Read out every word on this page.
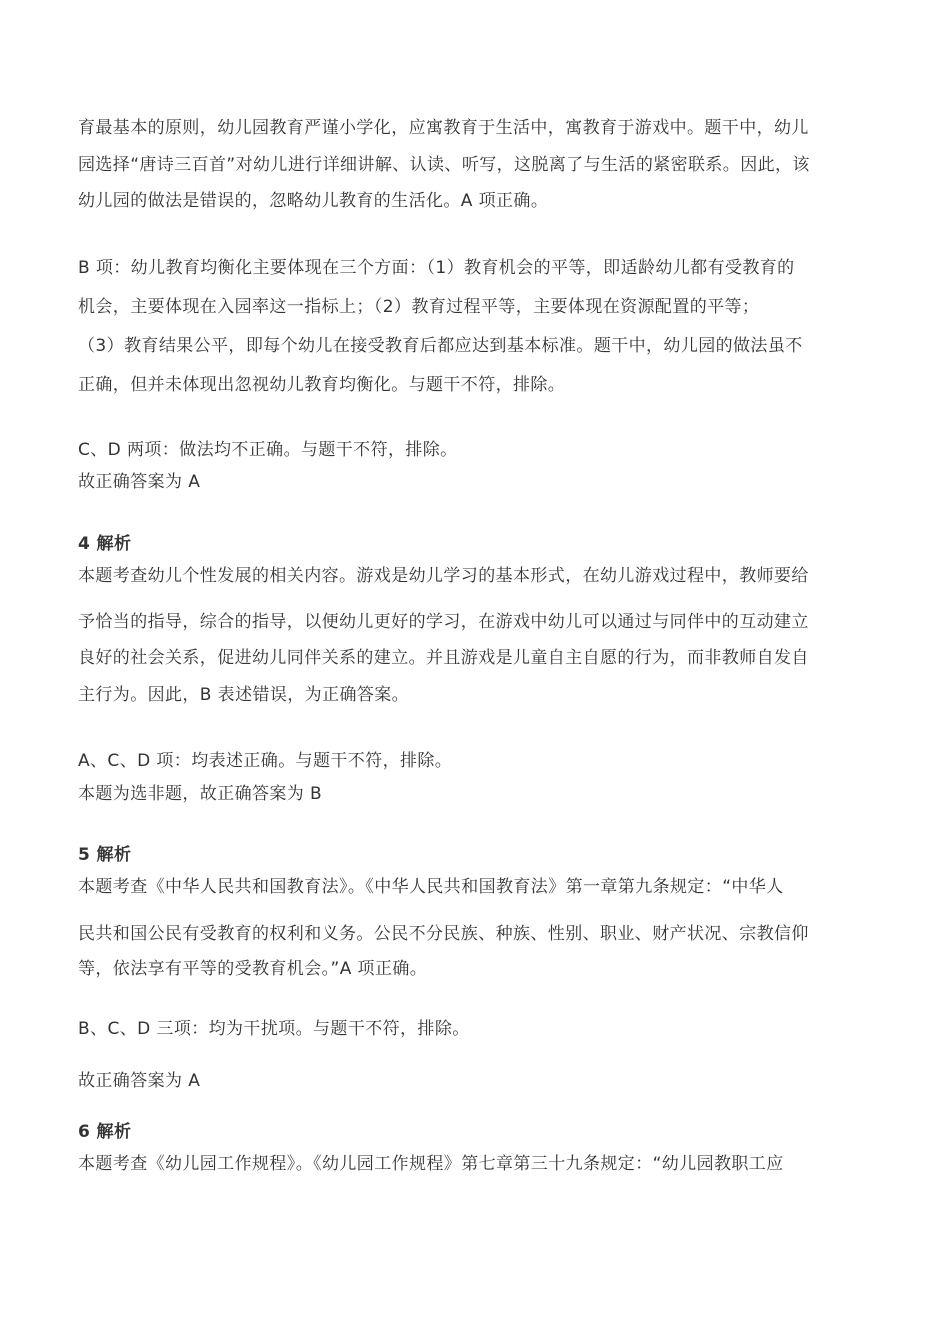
育最基本的原则，幼儿园教育严谨小学化，应寓教育于生活中，寓教育于游戏中。题干中，幼儿
园选择“唐诗三百首”对幼儿进行详细讲解、认读、听写，这脱离了与生活的紧密联系。因此，该
幼儿园的做法是错误的，忽略幼儿教育的生活化。A 项正确。
B 项：幼儿教育均衡化主要体现在三个方面：（1）教育机会的平等，即适龄幼儿都有受教育的
机会，主要体现在入园率这一指标上；（2）教育过程平等，主要体现在资源配置的平等；
（3）教育结果公平，即每个幼儿在接受教育后都应达到基本标准。题干中，幼儿园的做法虽不
正确，但并未体现出忽视幼儿教育均衡化。与题干不符，排除。
C、D 两项：做法均不正确。与题干不符，排除。
故正确答案为 A
4 解析
本题考查幼儿个性发展的相关内容。游戏是幼儿学习的基本形式，在幼儿游戏过程中，教师要给
予恰当的指导，综合的指导，以便幼儿更好的学习，在游戏中幼儿可以通过与同伴中的互动建立
良好的社会关系，促进幼儿同伴关系的建立。并且游戏是儿童自主自愿的行为，而非教师自发自
主行为。因此，B 表述错误，为正确答案。
A、C、D 项：均表述正确。与题干不符，排除。
本题为选非题，故正确答案为 B
5 解析
本题考查《中华人民共和国教育法》。《中华人民共和国教育法》第一章第九条规定：“中华人
民共和国公民有受教育的权利和义务。公民不分民族、种族、性别、职业、财产状况、宗教信仰
等，依法享有平等的受教育机会。”A 项正确。
B、C、D 三项：均为干扰项。与题干不符，排除。
故正确答案为 A
6 解析
本题考查《幼儿园工作规程》。《幼儿园工作规程》第七章第三十九条规定：“幼儿园教职工应
